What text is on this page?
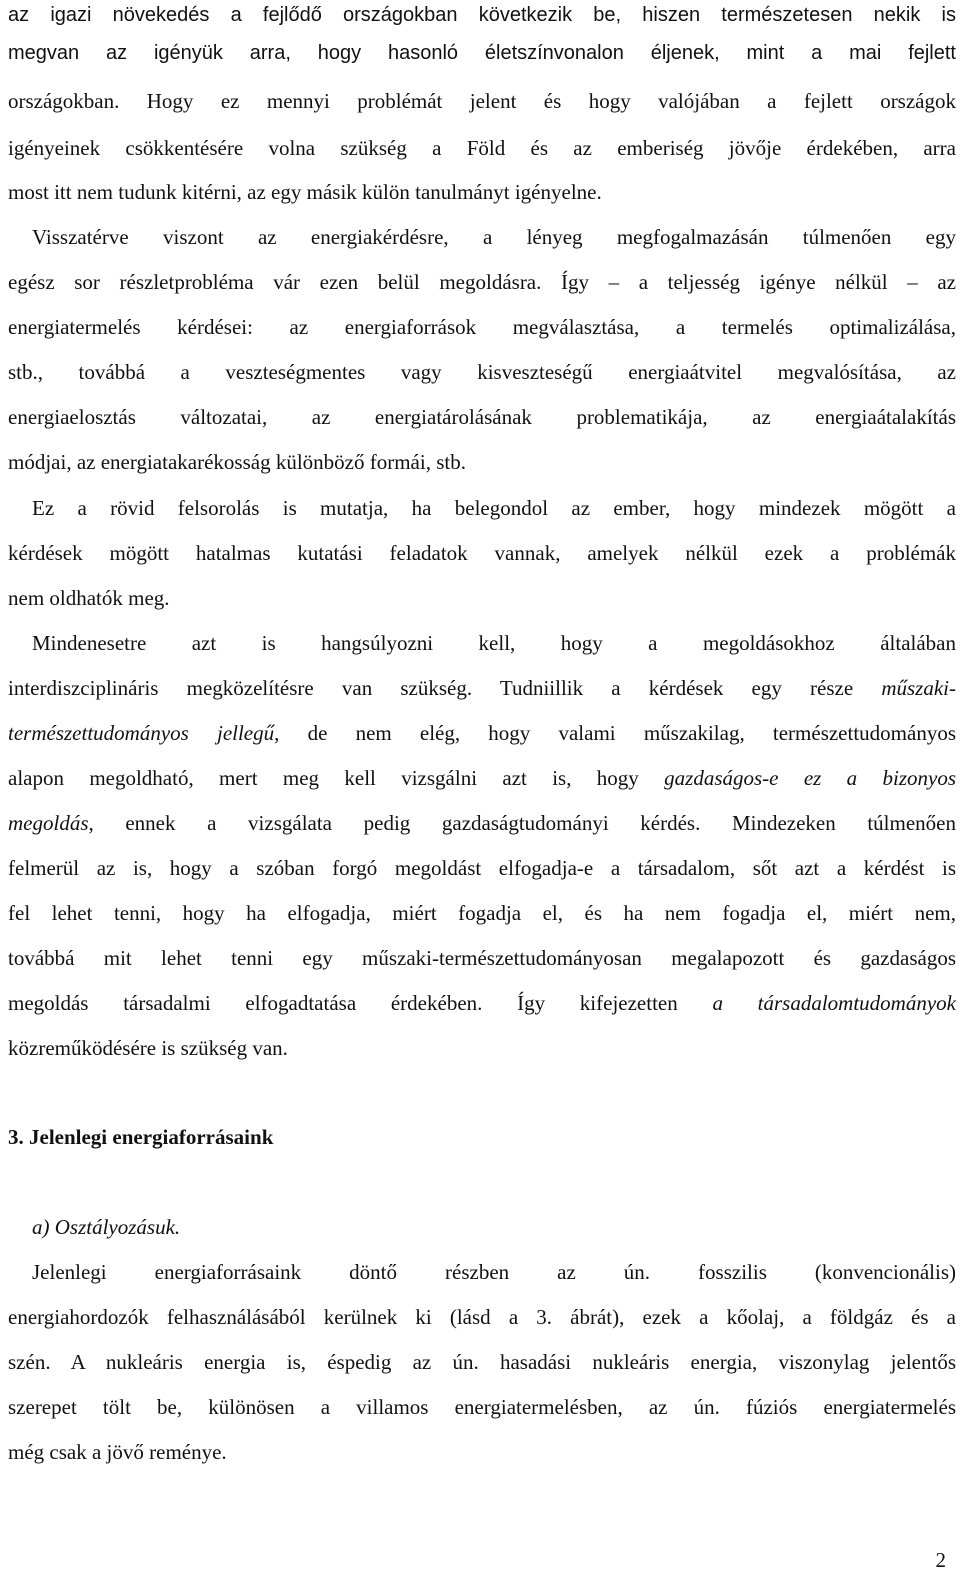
az igazi növekedés a fejlődő országokban következik be, hiszen természetesen nekik is
megvan az igényük arra, hogy hasonló életszínvonalon éljenek, mint a mai fejlett
országokban. Hogy ez mennyi problémát jelent és hogy valójában a fejlett országok
igényeinek csökkentésére volna szükség a Föld és az emberiség jövője érdekében, arra
most itt nem tudunk kitérni, az egy másik külön tanulmányt igényelne.
Visszatérve viszont az energiakérdésre, a lényeg megfogalmazásán túlmenően egy
egész sor részletprobléma vár ezen belül megoldásra. Így – a teljesség igénye nélkül – az
energiatermelés kérdései: az energiaforrások megválasztása, a termelés optimalizálása,
stb., továbbá a veszteségmentes vagy kisveszteségű energiaátvitel megvalósítása, az
energiaelosztás változatai, az energiatárolásának problematikája, az energiaátalakítás
módjai, az energiatakarékosság különböző formái, stb.
Ez a rövid felsorolás is mutatja, ha belegondol az ember, hogy mindezek mögött a
kérdések mögött hatalmas kutatási feladatok vannak, amelyek nélkül ezek a problémák
nem oldhatók meg.
Mindenesetre azt is hangsúlyozni kell, hogy a megoldásokhoz általában
interdiszciplináris megközelítésre van szükség. Tudniillik a kérdések egy része műszaki-
természettudományos jellegű, de nem elég, hogy valami műszakilag, természettudományos
alapon megoldható, mert meg kell vizsgálni azt is, hogy gazdaságos-e ez a bizonyos
megoldás, ennek a vizsgálata pedig gazdaságtudományi kérdés. Mindezeken túlmenően
felmerül az is, hogy a szóban forgó megoldást elfogadja-e a társadalom, sőt azt a kérdést is
fel lehet tenni, hogy ha elfogadja, miért fogadja el, és ha nem fogadja el, miért nem,
továbbá mit lehet tenni egy műszaki-természettudományosan megalapozott és gazdaságos
megoldás társadalmi elfogadtatása érdekében. Így kifejezetten a társadalomtudományok
közreműködésére is szükség van.
3. Jelenlegi energiaforrásaink
a) Osztályozásuk.
Jelenlegi energiaforrásaink döntő részben az ún. fosszilis (konvencionális)
energiahordozók felhasználásából kerülnek ki (lásd a 3. ábrát), ezek a kőolaj, a földgáz és a
szén. A nukleáris energia is, éspedig az ún. hasadási nukleáris energia, viszonylag jelentős
szerepet tölt be, különösen a villamos energiatermelésben, az ún. fúziós energiatermelés
még csak a jövő reménye.
2
